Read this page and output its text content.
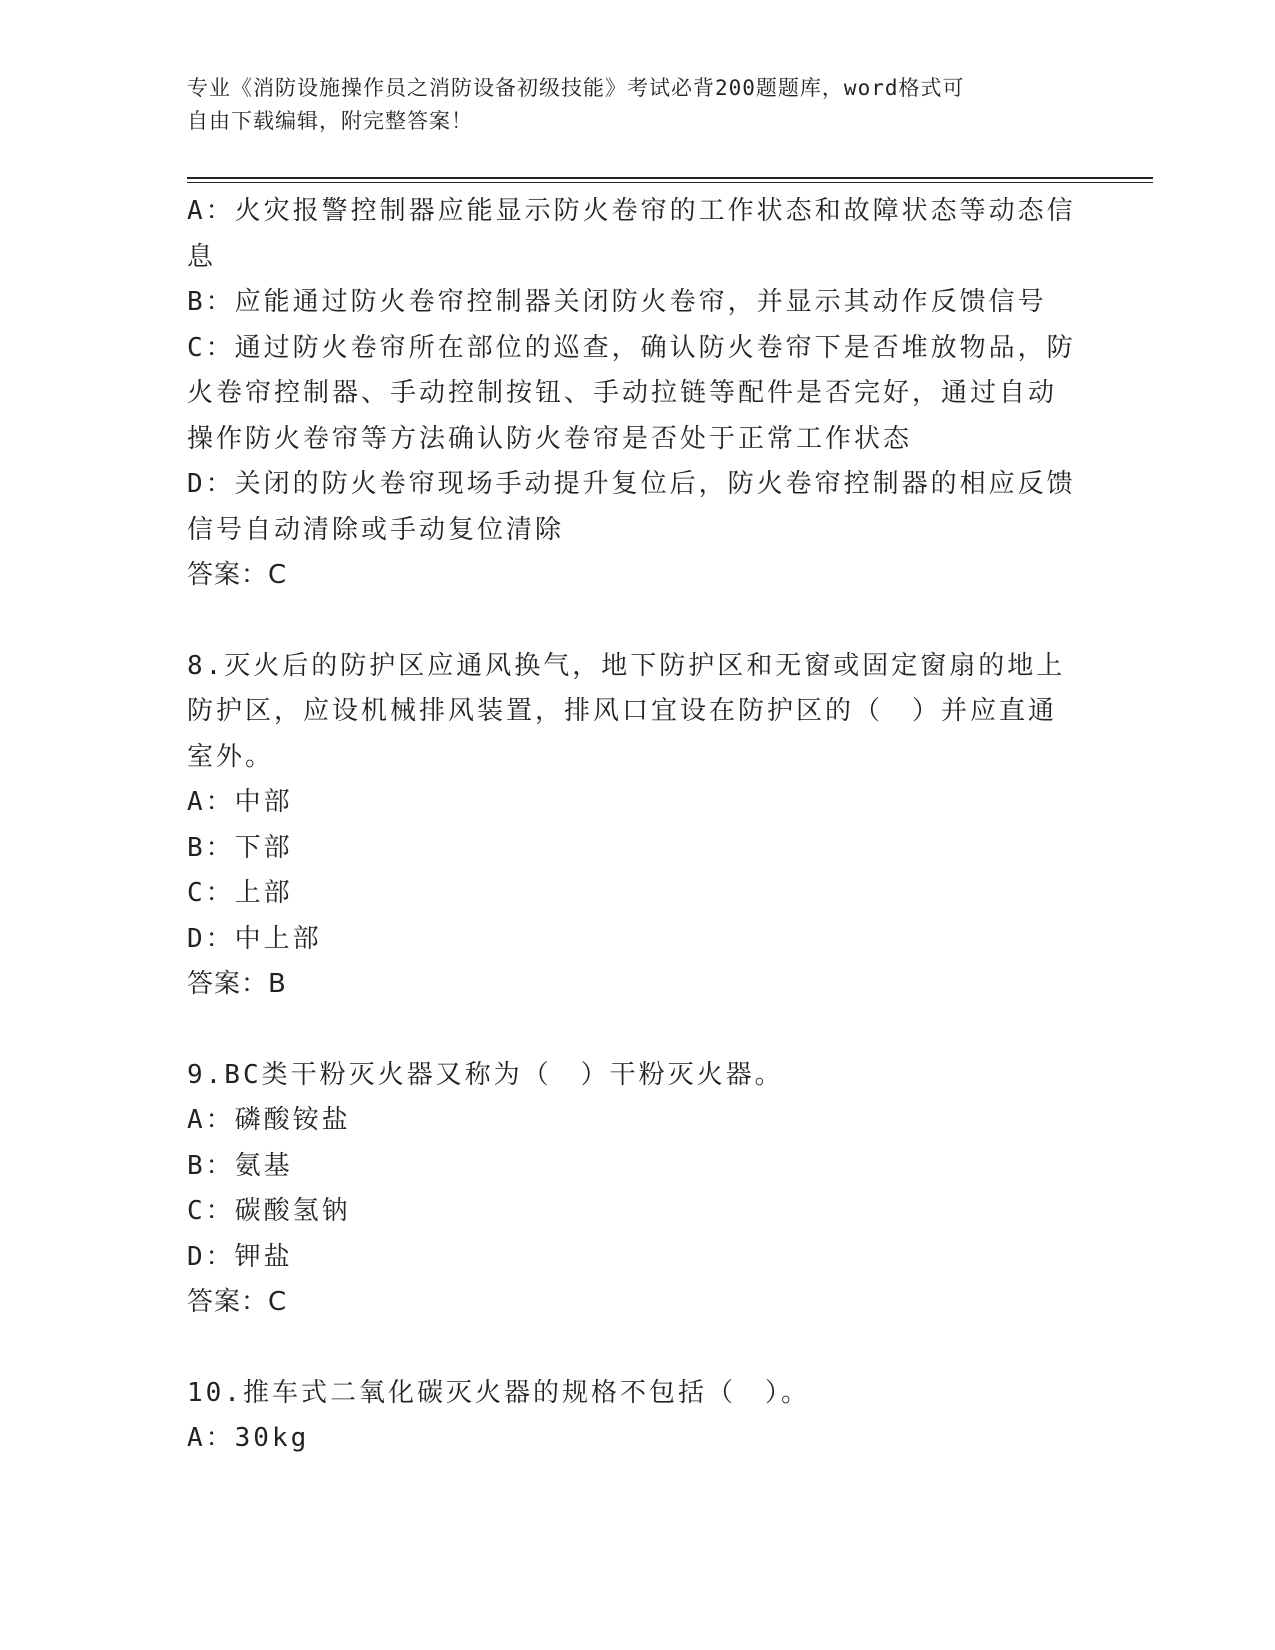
专业《消防设施操作员之消防设备初级技能》考试必背200题题库，word格式可
自由下载编辑，附完整答案！
A：火灾报警控制器应能显示防火卷帘的工作状态和故障状态等动态信
息
B：应能通过防火卷帘控制器关闭防火卷帘，并显示其动作反馈信号
C：通过防火卷帘所在部位的巡查，确认防火卷帘下是否堆放物品，防
火卷帘控制器、手动控制按钮、手动拉链等配件是否完好，通过自动
操作防火卷帘等方法确认防火卷帘是否处于正常工作状态
D：关闭的防火卷帘现场手动提升复位后，防火卷帘控制器的相应反馈
信号自动清除或手动复位清除
答案：C
8.灭火后的防护区应通风换气，地下防护区和无窗或固定窗扇的地上
防护区，应设机械排风装置，排风口宜设在防护区的（　）并应直通
室外。
A：中部
B：下部
C：上部
D：中上部
答案：B
9.BC类干粉灭火器又称为（　）干粉灭火器。
A：磷酸铵盐
B：氨基
C：碳酸氢钠
D：钾盐
答案：C
10.推车式二氧化碳灭火器的规格不包括（　）。
A：30kg
